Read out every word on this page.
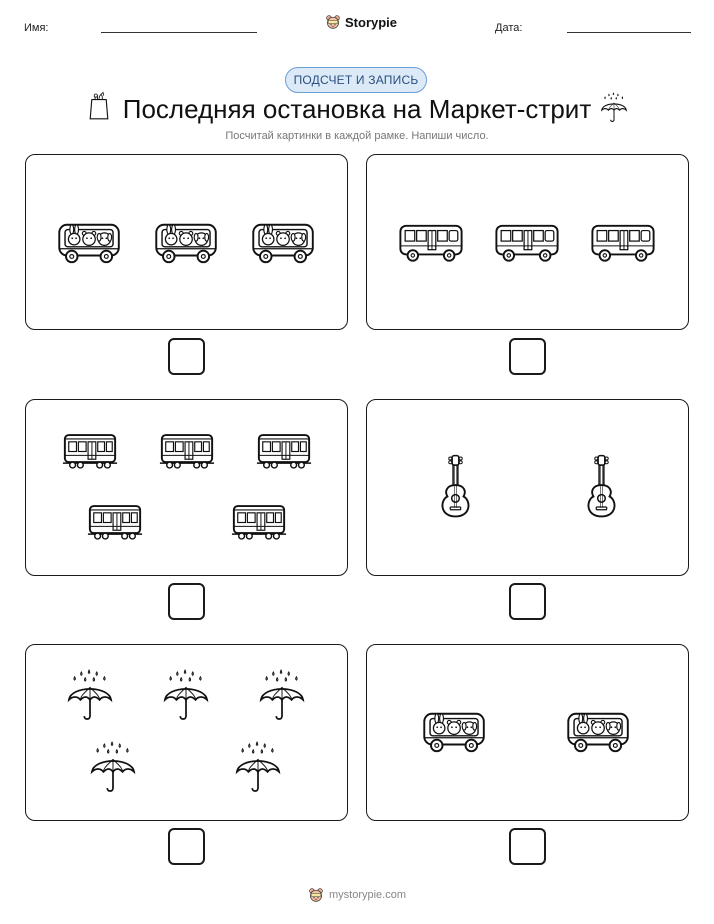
Имя:	Storypie	Дата:
ПОДСЧЕТ И ЗАПИСЬ
Последняя остановка на Маркет-стрит
Посчитай картинки в каждой рамке. Напиши число.
mystorypie.com
